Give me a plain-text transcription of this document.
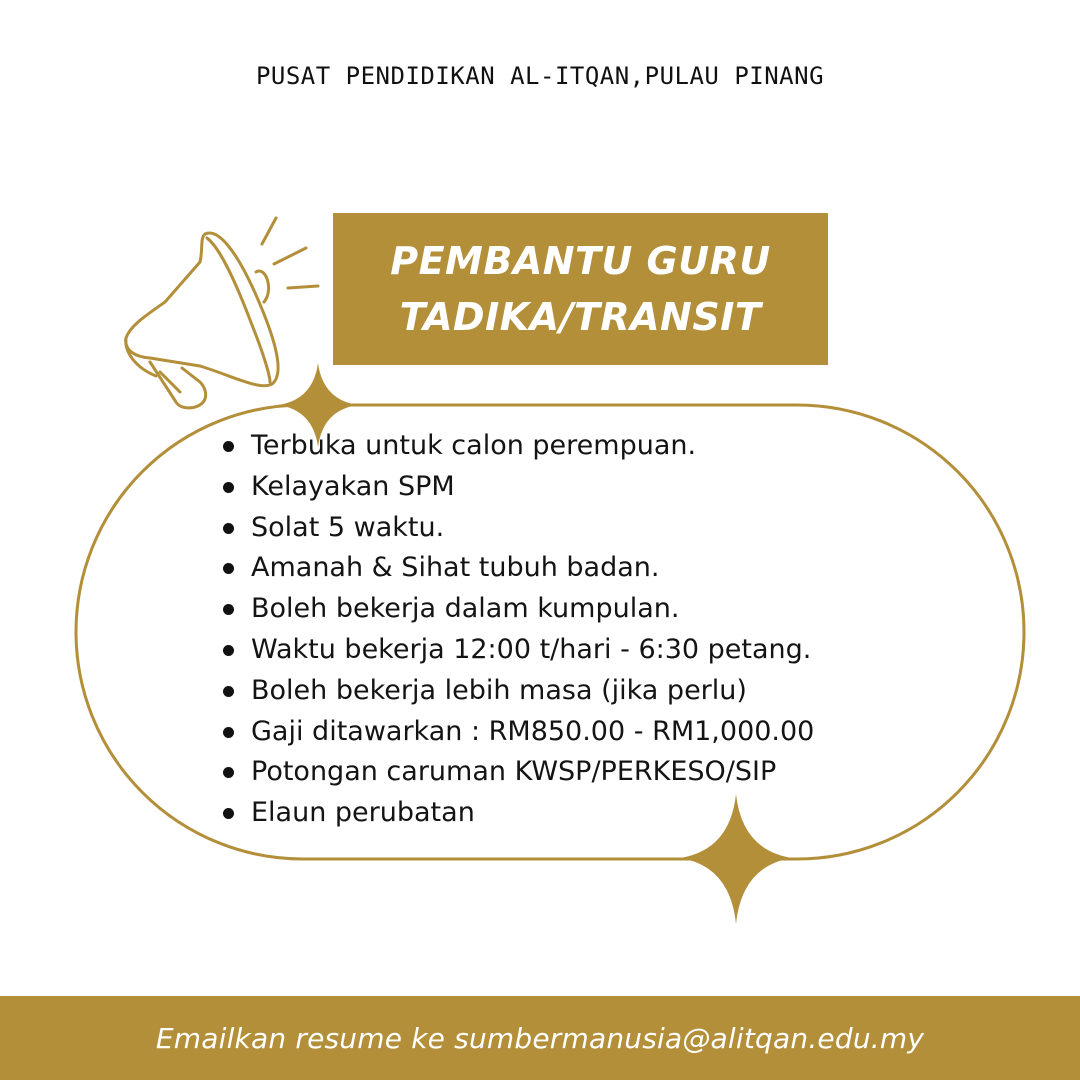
PUSAT PENDIDIKAN AL-ITQAN,PULAU PINANG
PEMBANTU GURU
TADIKA/TRANSIT
Terbuka untuk calon perempuan.
Kelayakan SPM
Solat 5 waktu.
Amanah & Sihat tubuh badan.
Boleh bekerja dalam kumpulan.
Waktu bekerja 12:00 t/hari - 6:30 petang.
Boleh bekerja lebih masa (jika perlu)
Gaji ditawarkan : RM850.00 - RM1,000.00
Potongan caruman KWSP/PERKESO/SIP
Elaun perubatan
Emailkan resume ke sumbermanusia@alitqan.edu.my
